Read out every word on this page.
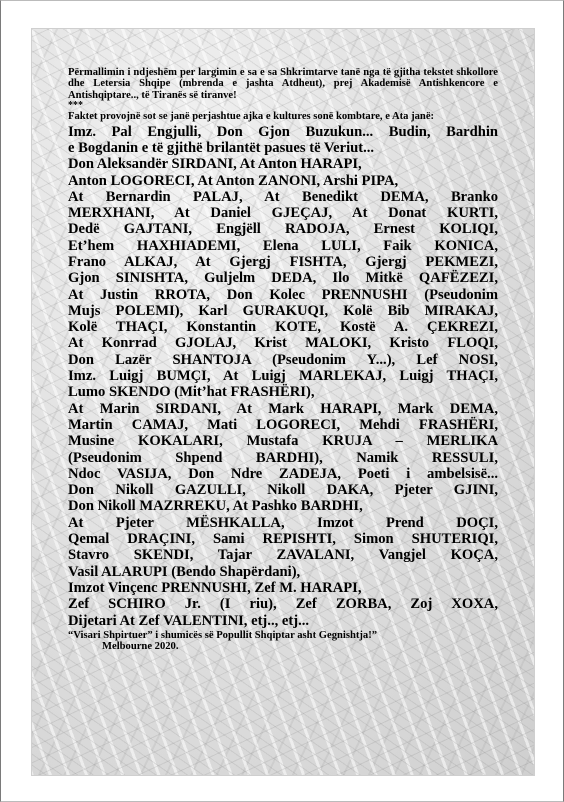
Përmallimin i ndjeshëm per largimin e sa e sa Shkrimtarve tanë nga të gjitha tekstet shkollore dhe Letersia Shqipe (mbrenda e jashta Atdheut), prej Akademisë Antishkencore e Antishqiptare.., të Tiranës së tiranve!

***

Faktet provojnë sot se janë perjashtue ajka e kultures sonë kombtare, e Ata janë:

Imz. Pal Engjulli, Don Gjon Buzukun... Budin, Bardhin
e Bogdanin e të gjithë brilantët pasues të Veriut...
Don Aleksandër SIRDANI, At Anton HARAPI,
Anton LOGORECI, At Anton ZANONI, Arshi PIPA,
At Bernardin PALAJ, At Benedikt DEMA, Branko
MERXHANI, At Daniel GJEÇAJ, At Donat KURTI,
Dedë GAJTANI, Engjëll RADOJA, Ernest KOLIQI,
Et’hem HAXHIADEMI, Elena LULI, Faik KONICA,
Frano ALKAJ, At Gjergj FISHTA, Gjergj PEKMEZI,
Gjon SINISHTA, Guljelm DEDA, Ilo Mitkë QAFËZEZI,
At Justin RROTA, Don Kolec PRENNUSHI (Pseudonim
Mujs POLEMI), Karl GURAKUQI, Kolë Bib MIRAKAJ,
Kolë THAÇI, Konstantin KOTE, Kostë A. ÇEKREZI,
At Konrrad GJOLAJ, Krist MALOKI, Kristo FLOQI,
Don Lazër SHANTOJA (Pseudonim Y...), Lef NOSI,
Imz. Luigj BUMÇI, At Luigj MARLEKAJ, Luigj THAÇI,
Lumo SKENDO (Mit’hat FRASHËRI),
At Marin SIRDANI, At Mark HARAPI, Mark DEMA,
Martin CAMAJ, Mati LOGORECI, Mehdi FRASHËRI,
Musine KOKALARI, Mustafa KRUJA – MERLIKA
(Pseudonim Shpend BARDHI), Namik RESSULI,
Ndoc VASIJA, Don Ndre ZADEJA, Poeti i ambelsisë...
Don Nikoll GAZULLI, Nikoll DAKA, Pjeter GJINI,
Don Nikoll MAZRREKU, At Pashko BARDHI,
At Pjeter MËSHKALLA, Imzot Prend DOÇI,
Qemal DRAÇINI, Sami REPISHTI, Simon SHUTERIQI,
Stavro SKENDI, Tajar ZAVALANI, Vangjel KOÇA,
Vasil ALARUPI (Bendo Shapërdani),
Imzot Vinçenc PRENNUSHI, Zef M. HARAPI,
Zef SCHIRO Jr. (I riu), Zef ZORBA, Zoj XOXA,
Dijetari At Zef VALENTINI, etj.., etj...

“Visari Shpirtuer” i shumicës së Popullit Shqiptar asht Gegnishtja!”

Melbourne 2020.
